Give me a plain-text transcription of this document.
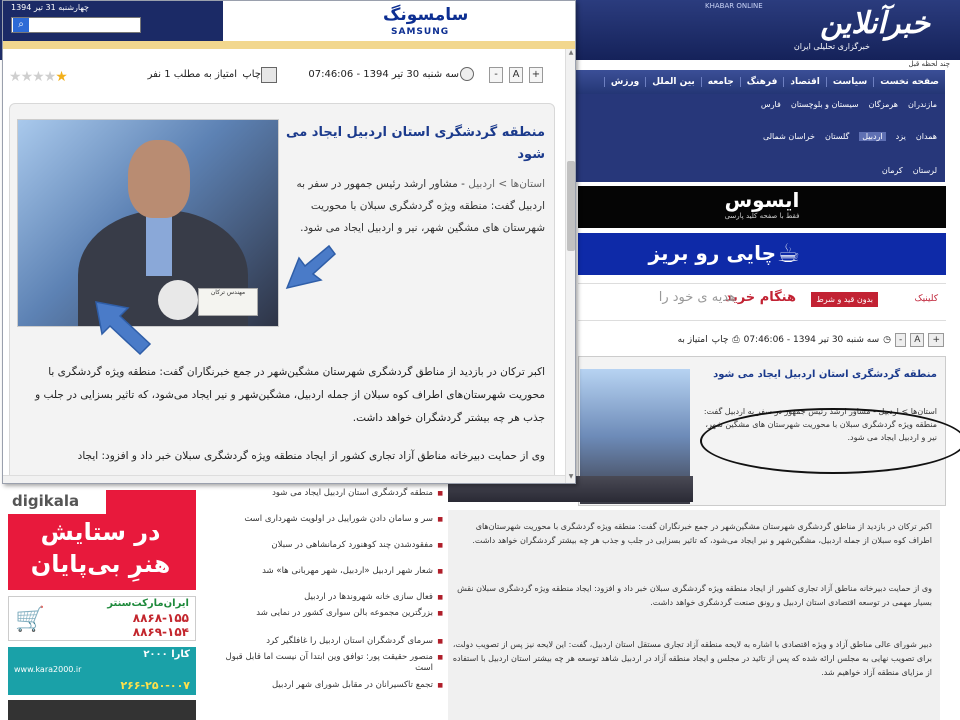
خبرآنلاین
KHABAR ONLINE
خبرگزاری تحلیلی ایران
چند لحظه قبل
صفحه نخست
سیاست
اقتصاد
فرهنگ
جامعه
بین الملل
ورزش
مازندران
هرمزگان
سیستان و بلوچستان
فارس
همدان
یزد
اردبیل
گلستان
خراسان شمالی
لرستان
کرمان
ایسوس
فقط با صفحه کلید پارسی
چایی رو بریز ☕
کلینیک
بدون قید و شرط
هنگام خرید
هدیه ی خود را
+
A
-
◷
سه شنبه 30 تیر 1394 - 07:46:06
⎙
چاپ
امتیاز به
منطقه گردشگری استان اردبیل ایجاد می شود
استان‌ها > اردبیل - مشاور ارشد رئیس جمهور در سفر به اردبیل گفت: منطقه ویژه گردشگری سبلان با محوریت شهرستان های مشگین شهر، نیر و اردبیل ایجاد می شود.
اکبر ترکان در بازدید از مناطق گردشگری شهرستان مشگین‌شهر در جمع خبرنگاران گفت: منطقه ویژه گردشگری با محوریت شهرستان‌های اطراف کوه سبلان از جمله اردبیل، مشگین‌شهر و نیر ایجاد می‌شود، که تاثیر بسزایی در جلب و جذب هر چه بیشتر گردشگران خواهد داشت.
وی از حمایت دبیرخانه مناطق آزاد تجاری کشور از ایجاد منطقه ویژه گردشگری سبلان خبر داد و افزود: ایجاد منطقه ویژه گردشگری سبلان نقش بسیار مهمی در توسعه اقتصادی استان اردبیل و رونق صنعت گردشگری خواهد داشت.
دبیر شورای عالی مناطق آزاد و ویژه اقتصادی با اشاره به لایحه منطقه آزاد تجاری مستقل استان اردبیل، گفت: این لایحه نیز پس از تصویب دولت، برای تصویب نهایی به مجلس ارائه شده که پس از تائید در مجلس و ایجاد منطقه آزاد در اردبیل شاهد توسعه هر چه بیشتر استان اردبیل با استفاده از مزایای منطقه آزاد خواهیم شد.
digikala
در ستایش
هنرِ بی‌پایان
ایران‌مارکت‌سنتر
۸۸۶۸-۱۵۵
۸۸۶۹-۱۵۴
🛒
کارا ۲۰۰۰
www.kara2000.ir
۲۶۶-۲۵۰-۰۰۷
منطقه گردشگری استان اردبیل ایجاد می شود ■
سر و سامان دادن شوراییل در اولویت شهرداری است ■
مفقودشدن چند کوهنورد کرمانشاهی در سبلان ■
شعار شهر اردبیل «اردبیل، شهر مهربانی ها» شد ■
فعال سازی خانه شهروندها در اردبیل ■
بزرگترین مجموعه بالن سواری کشور در نمایی شد ■
سرمای گردشگران استان اردبیل را غافلگیر کرد ■
منصور حقیقت پور: توافق وین ابتدا آن نیست اما قابل قبول است ■
تجمع تاکسیرانان در مقابل شورای شهر اردبیل ■
چهارشنبه 31 تیر 1394
⌕	سامسونگ
SAMSUNG
★★★★★	امتیاز به مطلب 1 نفر چاپ	سه شنبه 30 تیر 1394 - 07:46:06	-	A	+
مهندس ترکان
منطقه گردشگری استان اردبیل ایجاد می شود
استان‌ها > اردبیل - مشاور ارشد رئیس جمهور در سفر به اردبیل گفت: منطقه ویژه گردشگری سبلان با محوریت شهرستان های مشگین شهر، نیر و اردبیل ایجاد می شود.
اکبر ترکان در بازدید از مناطق گردشگری شهرستان مشگین‌شهر در جمع خبرنگاران گفت: منطقه ویژه گردشگری با محوریت شهرستان‌های اطراف کوه سبلان از جمله اردبیل، مشگین‌شهر و نیر ایجاد می‌شود، که تاثیر بسزایی در جلب و جذب هر چه بیشتر گردشگران خواهد داشت.
وی از حمایت دبیرخانه مناطق آزاد تجاری کشور از ایجاد منطقه ویژه گردشگری سبلان خبر داد و افزود: ایجاد
▲
▼
